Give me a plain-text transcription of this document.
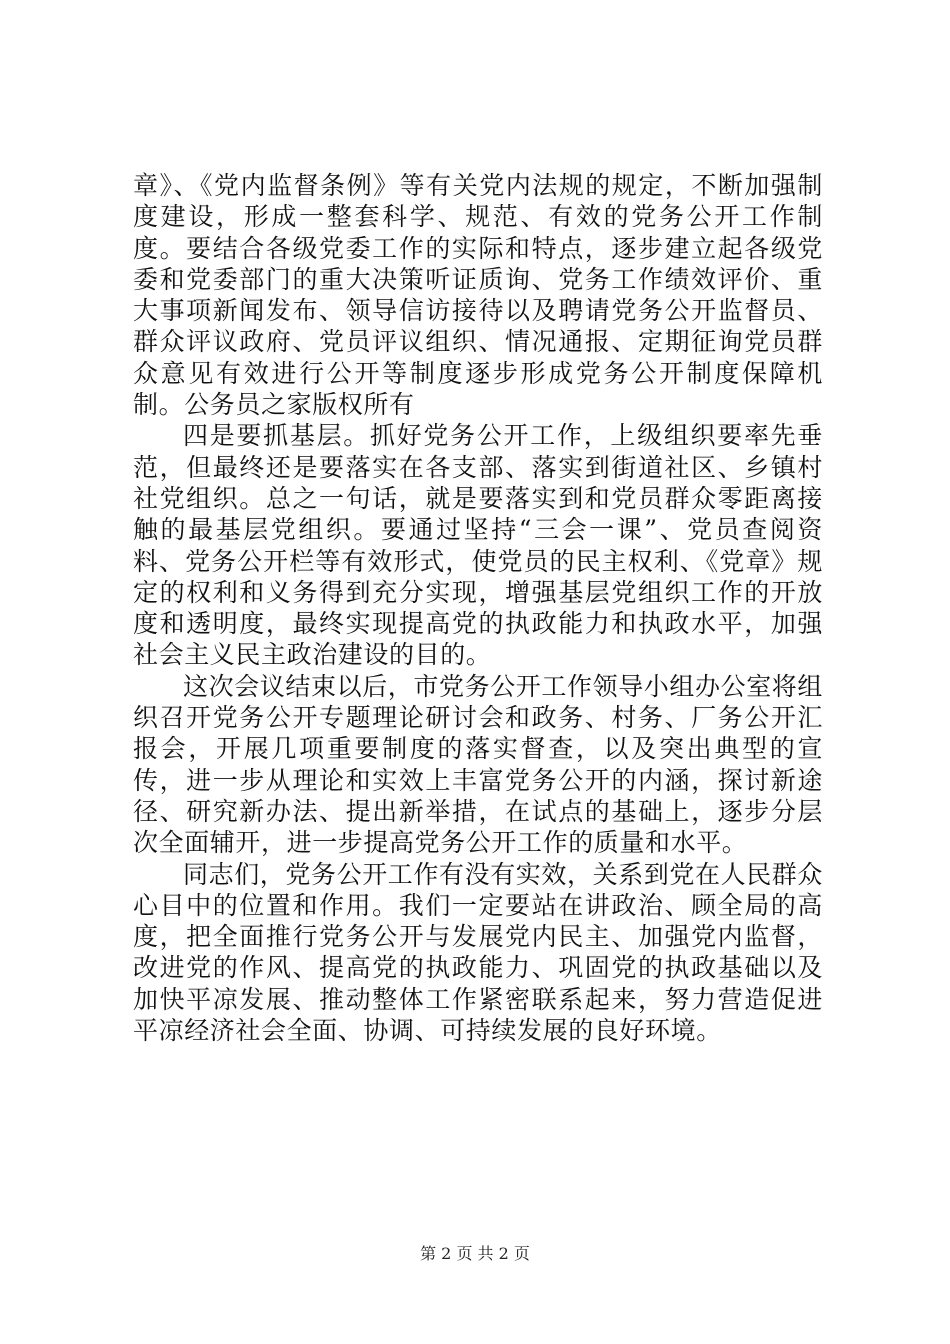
章》、《党内监督条例》等有关党内法规的规定，不断加强制度建设，形成一整套科学、规范、有效的党务公开工作制度。要结合各级党委工作的实际和特点，逐步建立起各级党委和党委部门的重大决策听证质询、党务工作绩效评价、重大事项新闻发布、领导信访接待以及聘请党务公开监督员、群众评议政府、党员评议组织、情况通报、定期征询党员群众意见有效进行公开等制度逐步形成党务公开制度保障机制。公务员之家版权所有

四是要抓基层。抓好党务公开工作，上级组织要率先垂范，但最终还是要落实在各支部、落实到街道社区、乡镇村社党组织。总之一句话，就是要落实到和党员群众零距离接触的最基层党组织。要通过坚持“三会一课”、党员查阅资料、党务公开栏等有效形式，使党员的民主权利、《党章》规定的权利和义务得到充分实现，增强基层党组织工作的开放度和透明度，最终实现提高党的执政能力和执政水平，加强社会主义民主政治建设的目的。

这次会议结束以后，市党务公开工作领导小组办公室将组织召开党务公开专题理论研讨会和政务、村务、厂务公开汇报会，开展几项重要制度的落实督查，以及突出典型的宣传，进一步从理论和实效上丰富党务公开的内涵，探讨新途径、研究新办法、提出新举措，在试点的基础上，逐步分层次全面辅开，进一步提高党务公开工作的质量和水平。

同志们，党务公开工作有没有实效，关系到党在人民群众心目中的位置和作用。我们一定要站在讲政治、顾全局的高度，把全面推行党务公开与发展党内民主、加强党内监督，改进党的作风、提高党的执政能力、巩固党的执政基础以及加快平凉发展、推动整体工作紧密联系起来，努力营造促进平凉经济社会全面、协调、可持续发展的良好环境。

第 2 页 共 2 页
